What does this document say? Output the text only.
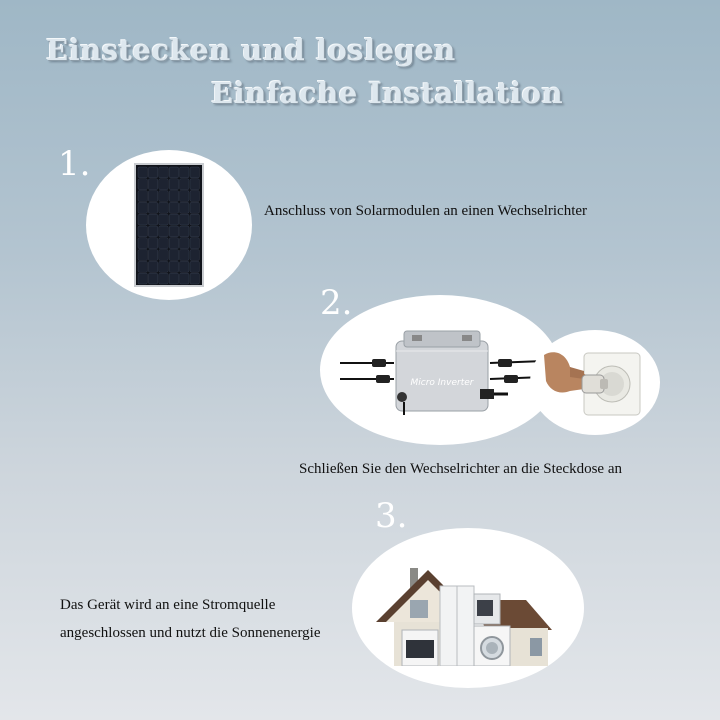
Einstecken und loslegen
Einfache Installation
1.
Anschluss von Solarmodulen an einen Wechselrichter
2.
Micro Inverter
Schließen Sie den Wechselrichter an die Steckdose an
3.
Das Gerät wird an eine Stromquelle
angeschlossen und nutzt die Sonnenenergie
